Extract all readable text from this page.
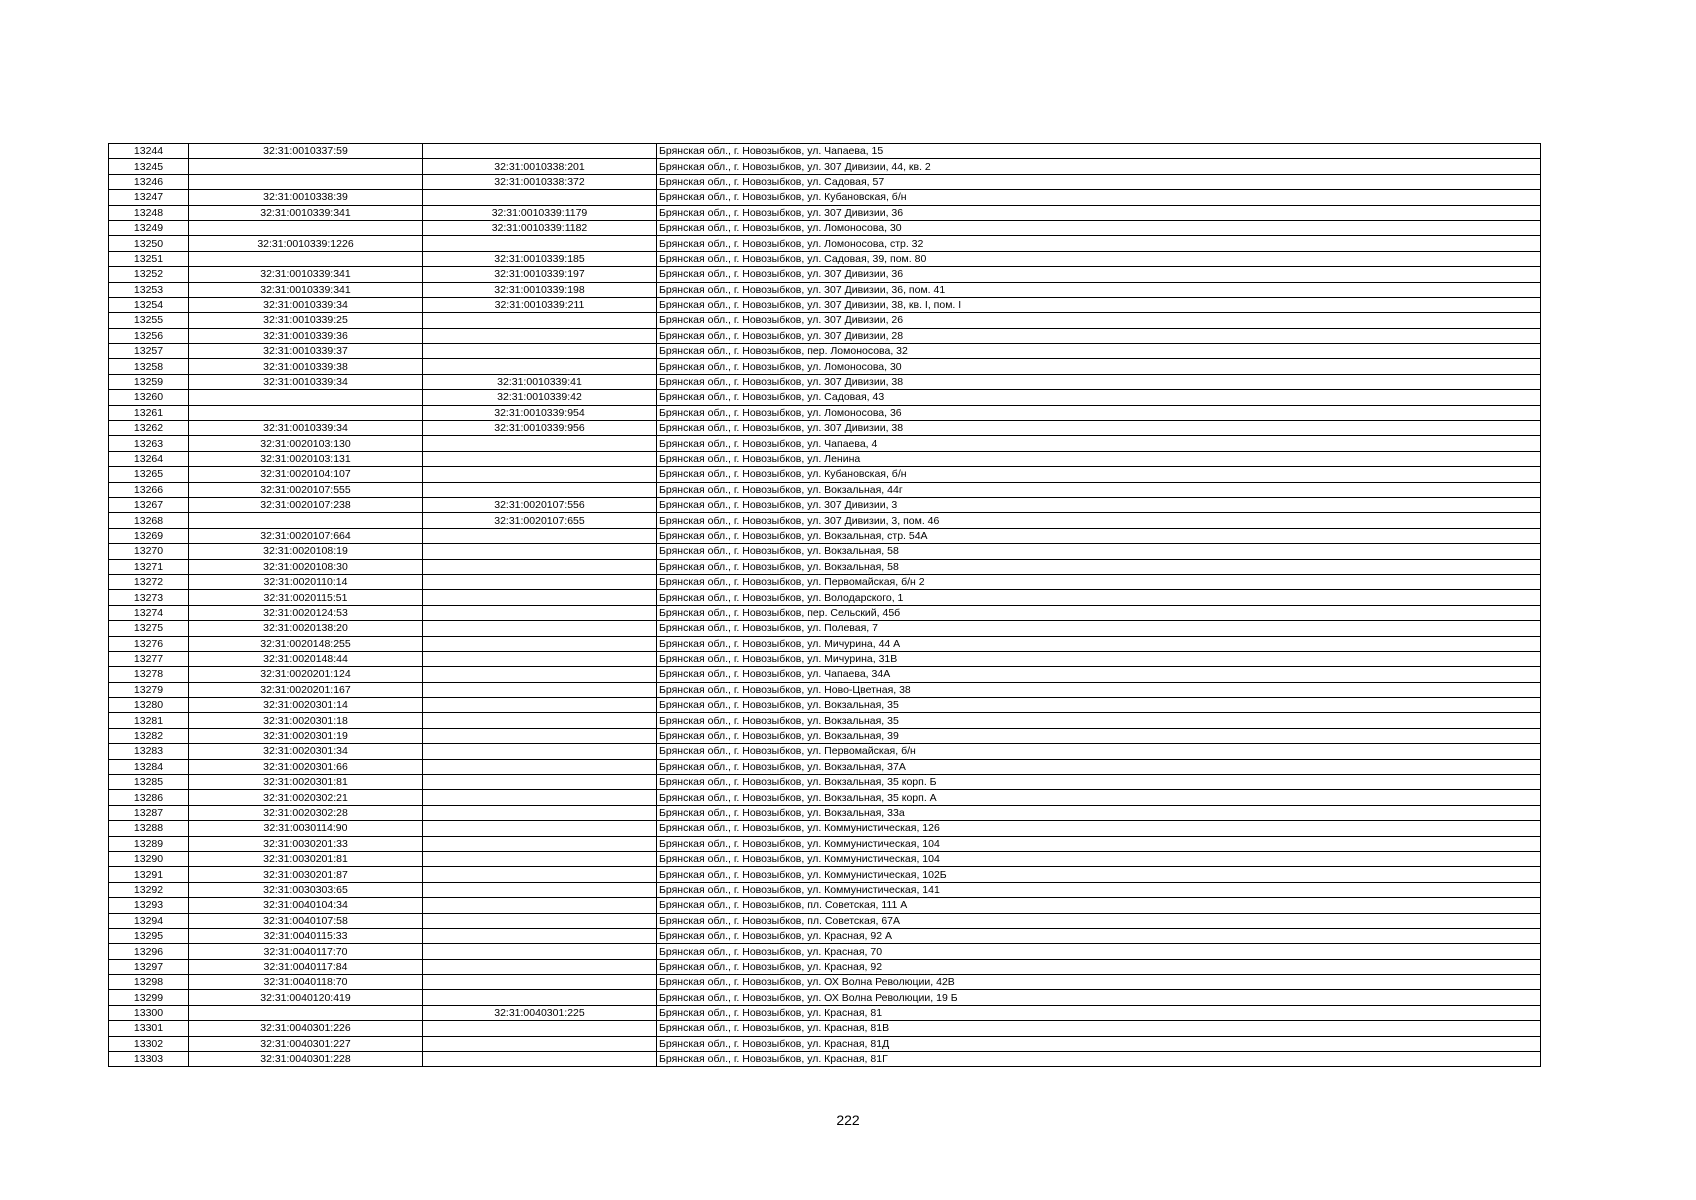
13244	32:31:0010337:59		Брянская обл., г. Новозыбков, ул. Чапаева, 15
13245		32:31:0010338:201	Брянская обл., г. Новозыбков, ул. 307 Дивизии, 44, кв. 2
13246		32:31:0010338:372	Брянская обл., г. Новозыбков, ул. Садовая, 57
13247	32:31:0010338:39		Брянская обл., г. Новозыбков, ул. Кубановская, б/н
13248	32:31:0010339:341	32:31:0010339:1179	Брянская обл., г. Новозыбков, ул. 307 Дивизии, 36
13249		32:31:0010339:1182	Брянская обл., г. Новозыбков, ул. Ломоносова, 30
13250	32:31:0010339:1226		Брянская обл., г. Новозыбков, ул. Ломоносова, стр. 32
13251		32:31:0010339:185	Брянская обл., г. Новозыбков, ул. Садовая, 39, пом. 80
13252	32:31:0010339:341	32:31:0010339:197	Брянская обл., г. Новозыбков, ул. 307 Дивизии, 36
13253	32:31:0010339:341	32:31:0010339:198	Брянская обл., г. Новозыбков, ул. 307 Дивизии, 36, пом. 41
13254	32:31:0010339:34	32:31:0010339:211	Брянская обл., г. Новозыбков, ул. 307 Дивизии, 38, кв. I, пом. I
13255	32:31:0010339:25		Брянская обл., г. Новозыбков, ул. 307 Дивизии, 26
13256	32:31:0010339:36		Брянская обл., г. Новозыбков, ул. 307 Дивизии, 28
13257	32:31:0010339:37		Брянская обл., г. Новозыбков, пер. Ломоносова, 32
13258	32:31:0010339:38		Брянская обл., г. Новозыбков, ул. Ломоносова, 30
13259	32:31:0010339:34	32:31:0010339:41	Брянская обл., г. Новозыбков, ул. 307 Дивизии, 38
13260		32:31:0010339:42	Брянская обл., г. Новозыбков, ул. Садовая, 43
13261		32:31:0010339:954	Брянская обл., г. Новозыбков, ул. Ломоносова, 36
13262	32:31:0010339:34	32:31:0010339:956	Брянская обл., г. Новозыбков, ул. 307 Дивизии, 38
13263	32:31:0020103:130		Брянская обл., г. Новозыбков, ул. Чапаева, 4
13264	32:31:0020103:131		Брянская обл., г. Новозыбков, ул. Ленина
13265	32:31:0020104:107		Брянская обл., г. Новозыбков, ул. Кубановская, б/н
13266	32:31:0020107:555		Брянская обл., г. Новозыбков, ул. Вокзальная, 44г
13267	32:31:0020107:238	32:31:0020107:556	Брянская обл., г. Новозыбков, ул. 307 Дивизии, 3
13268		32:31:0020107:655	Брянская обл., г. Новозыбков, ул. 307 Дивизии, 3, пом. 46
13269	32:31:0020107:664		Брянская обл., г. Новозыбков, ул. Вокзальная, стр. 54А
13270	32:31:0020108:19		Брянская обл., г. Новозыбков, ул. Вокзальная, 58
13271	32:31:0020108:30		Брянская обл., г. Новозыбков, ул. Вокзальная, 58
13272	32:31:0020110:14		Брянская обл., г. Новозыбков, ул. Первомайская, б/н 2
13273	32:31:0020115:51		Брянская обл., г. Новозыбков, ул. Володарского, 1
13274	32:31:0020124:53		Брянская обл., г. Новозыбков, пер. Сельский, 45б
13275	32:31:0020138:20		Брянская обл., г. Новозыбков, ул. Полевая, 7
13276	32:31:0020148:255		Брянская обл., г. Новозыбков, ул. Мичурина, 44 А
13277	32:31:0020148:44		Брянская обл., г. Новозыбков, ул. Мичурина, 31В
13278	32:31:0020201:124		Брянская обл., г. Новозыбков, ул. Чапаева, 34А
13279	32:31:0020201:167		Брянская обл., г. Новозыбков, ул. Ново-Цветная, 38
13280	32:31:0020301:14		Брянская обл., г. Новозыбков, ул. Вокзальная, 35
13281	32:31:0020301:18		Брянская обл., г. Новозыбков, ул. Вокзальная, 35
13282	32:31:0020301:19		Брянская обл., г. Новозыбков, ул. Вокзальная, 39
13283	32:31:0020301:34		Брянская обл., г. Новозыбков, ул. Первомайская, б/н
13284	32:31:0020301:66		Брянская обл., г. Новозыбков, ул. Вокзальная, 37А
13285	32:31:0020301:81		Брянская обл., г. Новозыбков, ул. Вокзальная, 35 корп. Б
13286	32:31:0020302:21		Брянская обл., г. Новозыбков, ул. Вокзальная, 35 корп. А
13287	32:31:0020302:28		Брянская обл., г. Новозыбков, ул. Вокзальная, 33а
13288	32:31:0030114:90		Брянская обл., г. Новозыбков, ул. Коммунистическая, 126
13289	32:31:0030201:33		Брянская обл., г. Новозыбков, ул. Коммунистическая, 104
13290	32:31:0030201:81		Брянская обл., г. Новозыбков, ул. Коммунистическая, 104
13291	32:31:0030201:87		Брянская обл., г. Новозыбков, ул. Коммунистическая, 102Б
13292	32:31:0030303:65		Брянская обл., г. Новозыбков, ул. Коммунистическая, 141
13293	32:31:0040104:34		Брянская обл., г. Новозыбков, пл. Советская, 111 А
13294	32:31:0040107:58		Брянская обл., г. Новозыбков, пл. Советская, 67А
13295	32:31:0040115:33		Брянская обл., г. Новозыбков, ул. Красная, 92 А
13296	32:31:0040117:70		Брянская обл., г. Новозыбков, ул. Красная, 70
13297	32:31:0040117:84		Брянская обл., г. Новозыбков, ул. Красная, 92
13298	32:31:0040118:70		Брянская обл., г. Новозыбков, ул. ОХ Волна Революции, 42В
13299	32:31:0040120:419		Брянская обл., г. Новозыбков, ул. ОХ Волна Революции, 19 Б
13300		32:31:0040301:225	Брянская обл., г. Новозыбков, ул. Красная, 81
13301	32:31:0040301:226		Брянская обл., г. Новозыбков, ул. Красная, 81В
13302	32:31:0040301:227		Брянская обл., г. Новозыбков, ул. Красная, 81Д
13303	32:31:0040301:228		Брянская обл., г. Новозыбков, ул. Красная, 81Г
222
